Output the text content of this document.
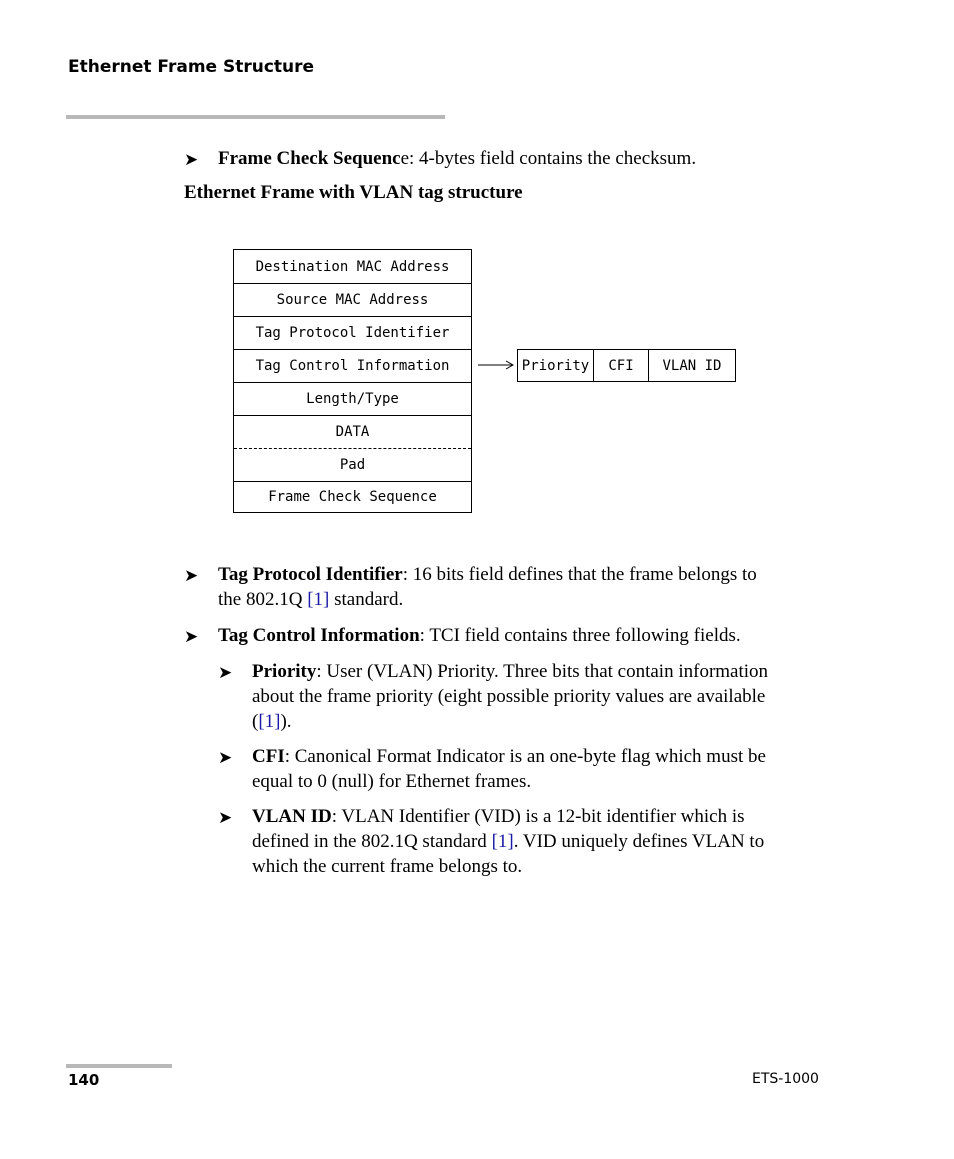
Ethernet Frame Structure
➤ Frame Check Sequence: 4-bytes field contains the checksum.
Ethernet Frame with VLAN tag structure
Destination MAC Address
Source MAC Address
Tag Protocol Identifier
Tag Control Information
Length/Type
DATA
Pad
Frame Check Sequence
Priority	CFI	VLAN ID
➤ Tag Protocol Identifier: 16 bits field defines that the frame belongs to
the 802.1Q [1] standard.
➤ Tag Control Information: TCI field contains three following fields.
➤ Priority: User (VLAN) Priority. Three bits that contain information
about the frame priority (eight possible priority values are available
([1]).
➤ CFI: Canonical Format Indicator is an one-byte flag which must be
equal to 0 (null) for Ethernet frames.
➤ VLAN ID: VLAN Identifier (VID) is a 12-bit identifier which is
defined in the 802.1Q standard [1]. VID uniquely defines VLAN to
which the current frame belongs to.
140	ETS-1000
